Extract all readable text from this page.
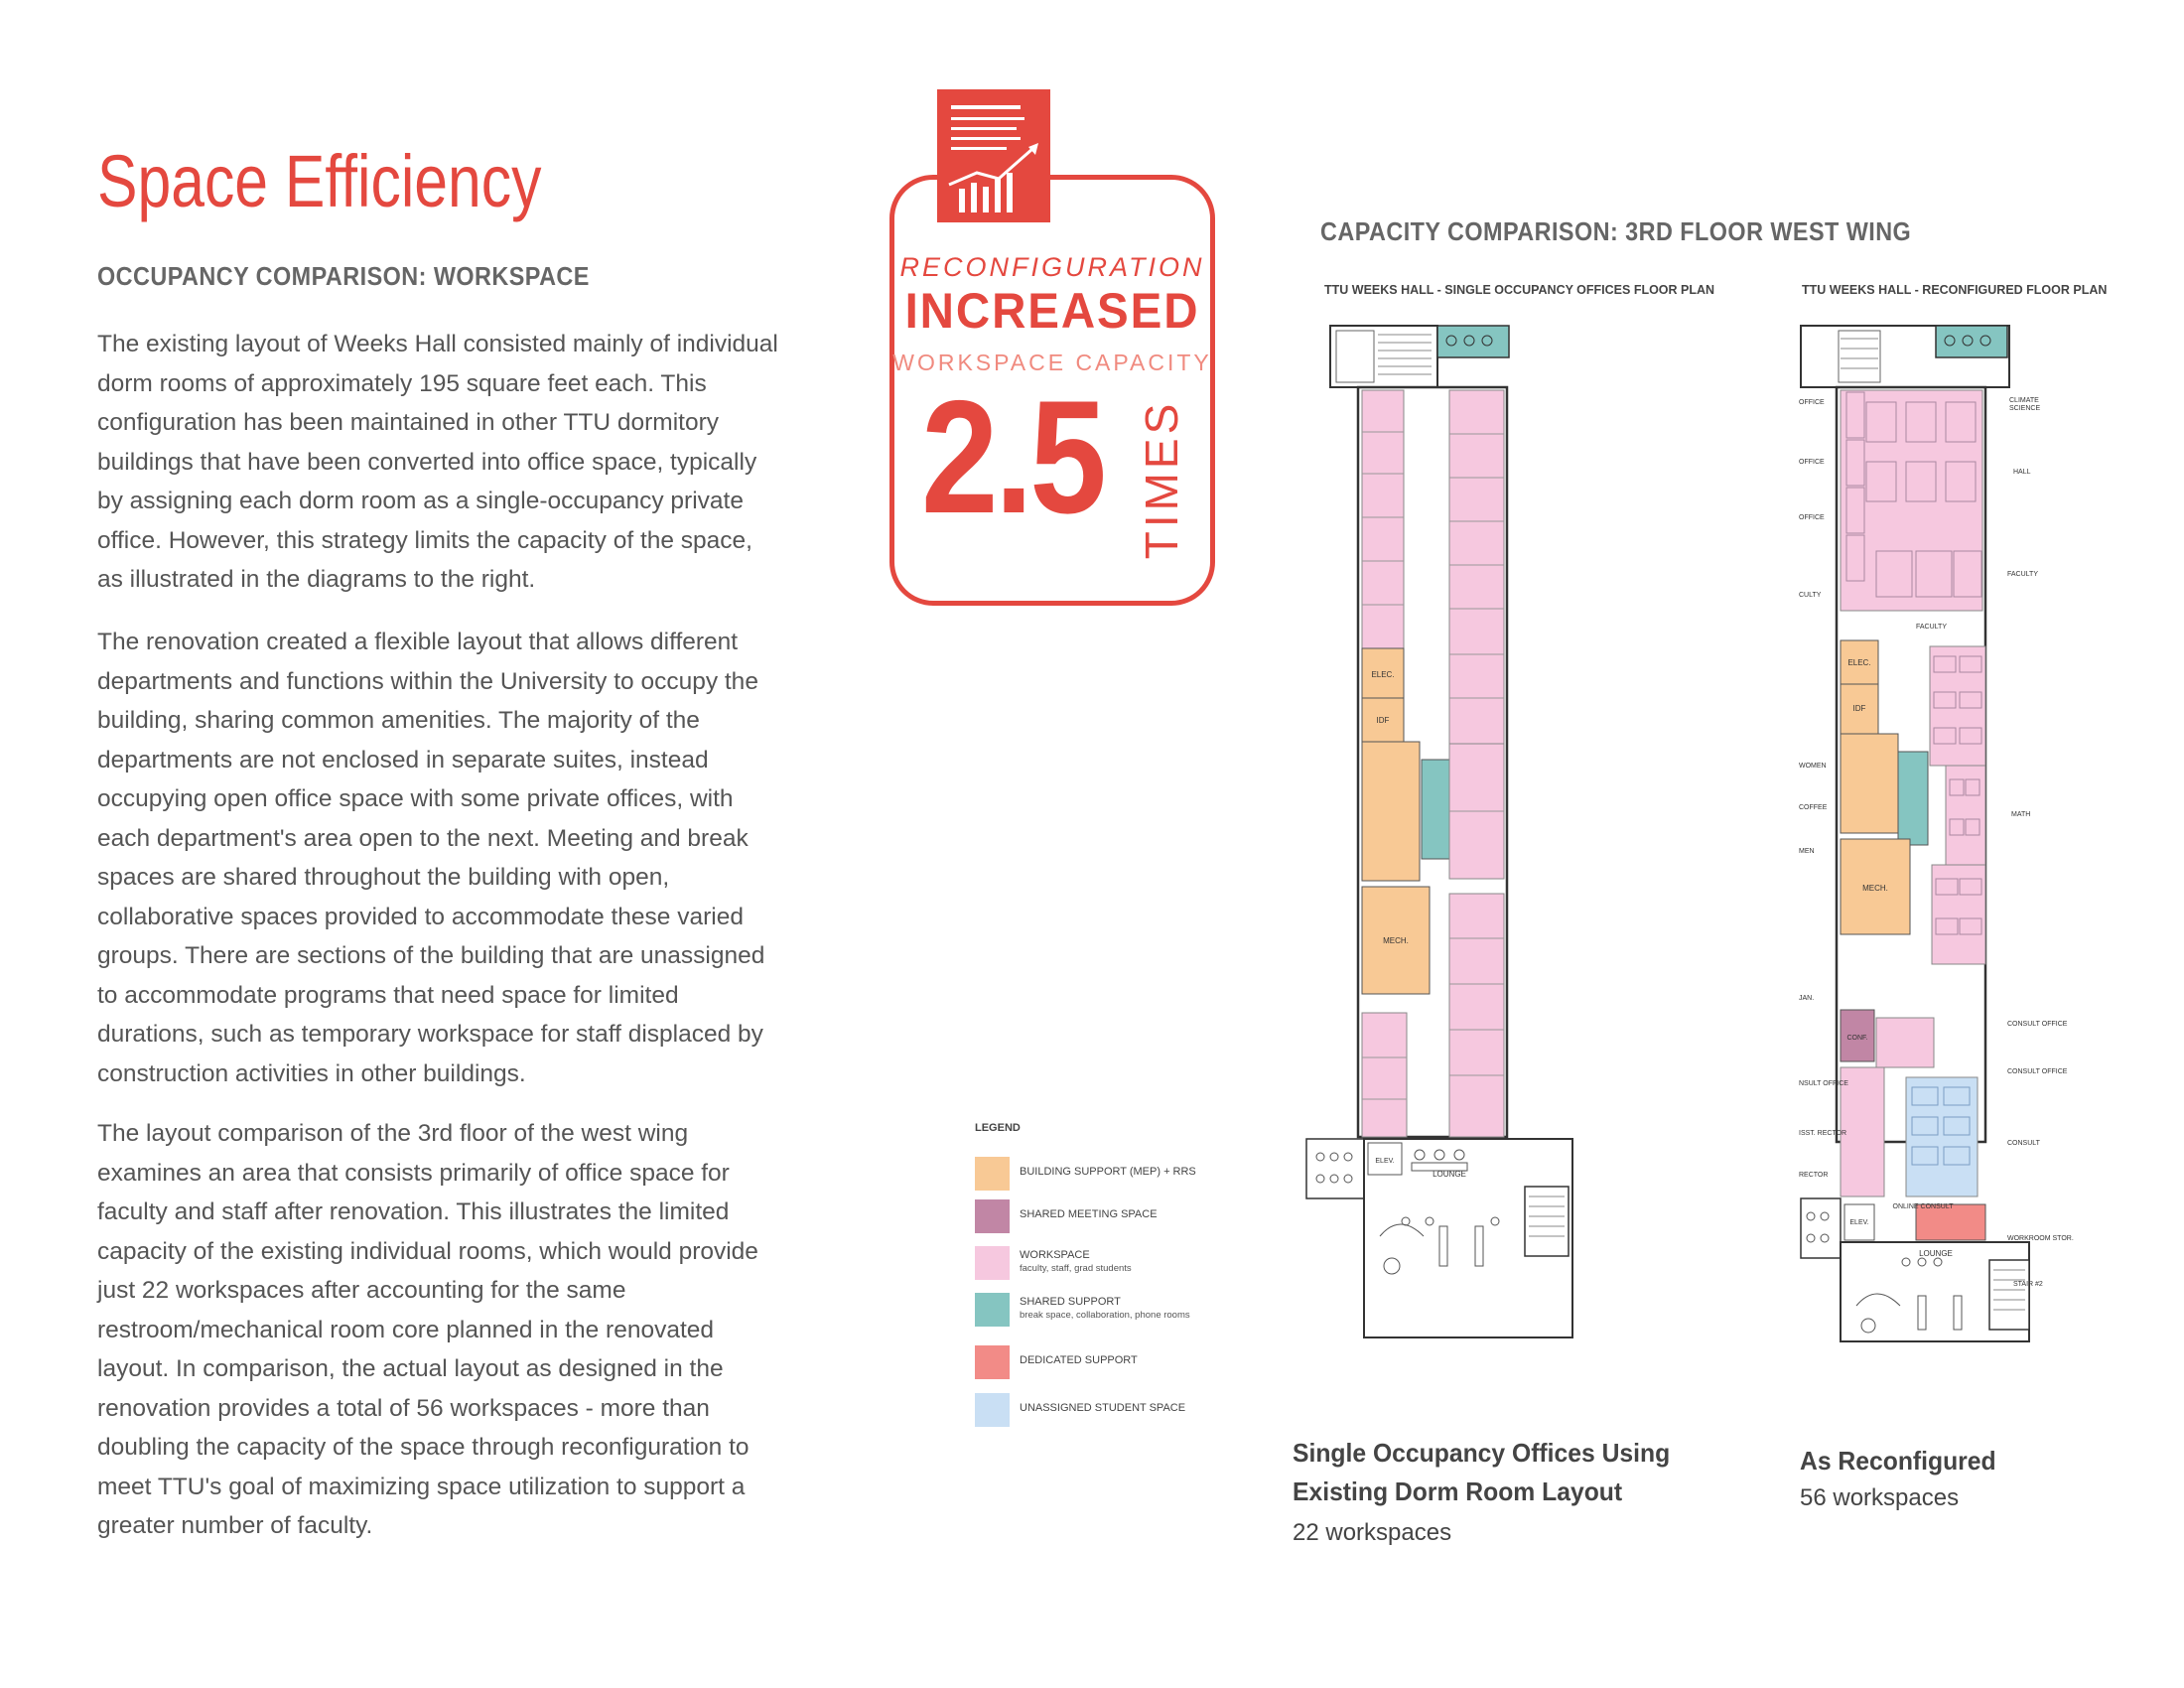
Space Efficiency
OCCUPANCY COMPARISON: WORKSPACE

The existing layout of Weeks Hall consisted mainly of individual dorm rooms of approximately 195 square feet each. This configuration has been maintained in other TTU dormitory buildings that have been converted into office space, typically by assigning each dorm room as a single-occupancy private office. However, this strategy limits the capacity of the space, as illustrated in the diagrams to the right.

The renovation created a flexible layout that allows different departments and functions within the University to occupy the building, sharing common amenities. The majority of the departments are not enclosed in separate suites, instead occupying open office space with some private offices, with each department's area open to the next. Meeting and break spaces are shared throughout the building with open, collaborative spaces provided to accommodate these varied groups. There are sections of the building that are unassigned to accommodate programs that need space for limited durations, such as temporary workspace for staff displaced by construction activities in other buildings.

The layout comparison of the 3rd floor of the west wing examines an area that consists primarily of office space for faculty and staff after renovation. This illustrates the limited capacity of the existing individual rooms, which would provide just 22 workspaces after accounting for the same restroom/mechanical room core planned in the renovated layout. In comparison, the actual layout as designed in the renovation provides a total of 56 workspaces - more than doubling the capacity of the space through reconfiguration to meet TTU's goal of maximizing space utilization to support a greater number of faculty.

RECONFIGURATION
INCREASED
WORKSPACE CAPACITY
2.5 TIMES
CAPACITY COMPARISON: 3RD FLOOR WEST WING
TTU WEEKS HALL - SINGLE OCCUPANCY OFFICES FLOOR PLAN	TTU WEEKS HALL - RECONFIGURED FLOOR PLAN
ELEC.
IDF
MECH.
ELEV.
LOUNGE
ELEC.
IDF
MECH.
CONF.
ONLINE CONSULT
ELEV.
LOUNGE
CLIMATE
SCIENCE
HALL
FACULTY
FACULTY
MATH
CONSULT OFFICE
CONSULT OFFICE
CONSULT
WORKROOM STOR.
STAIR #2
OFFICE
OFFICE
OFFICE
CULTY
WOMEN
COFFEE
MEN
JAN.
NSULT OFFICE
ISST. RECTOR
RECTOR
LEGEND
BUILDING SUPPORT (MEP) + RRS
SHARED MEETING SPACE
WORKSPACE
faculty, staff, grad students
SHARED SUPPORT
break space, collaboration, phone rooms
DEDICATED SUPPORT
UNASSIGNED STUDENT SPACE
Single Occupancy Offices Using
Existing Dorm Room Layout
22 workspaces
As Reconfigured
56 workspaces
